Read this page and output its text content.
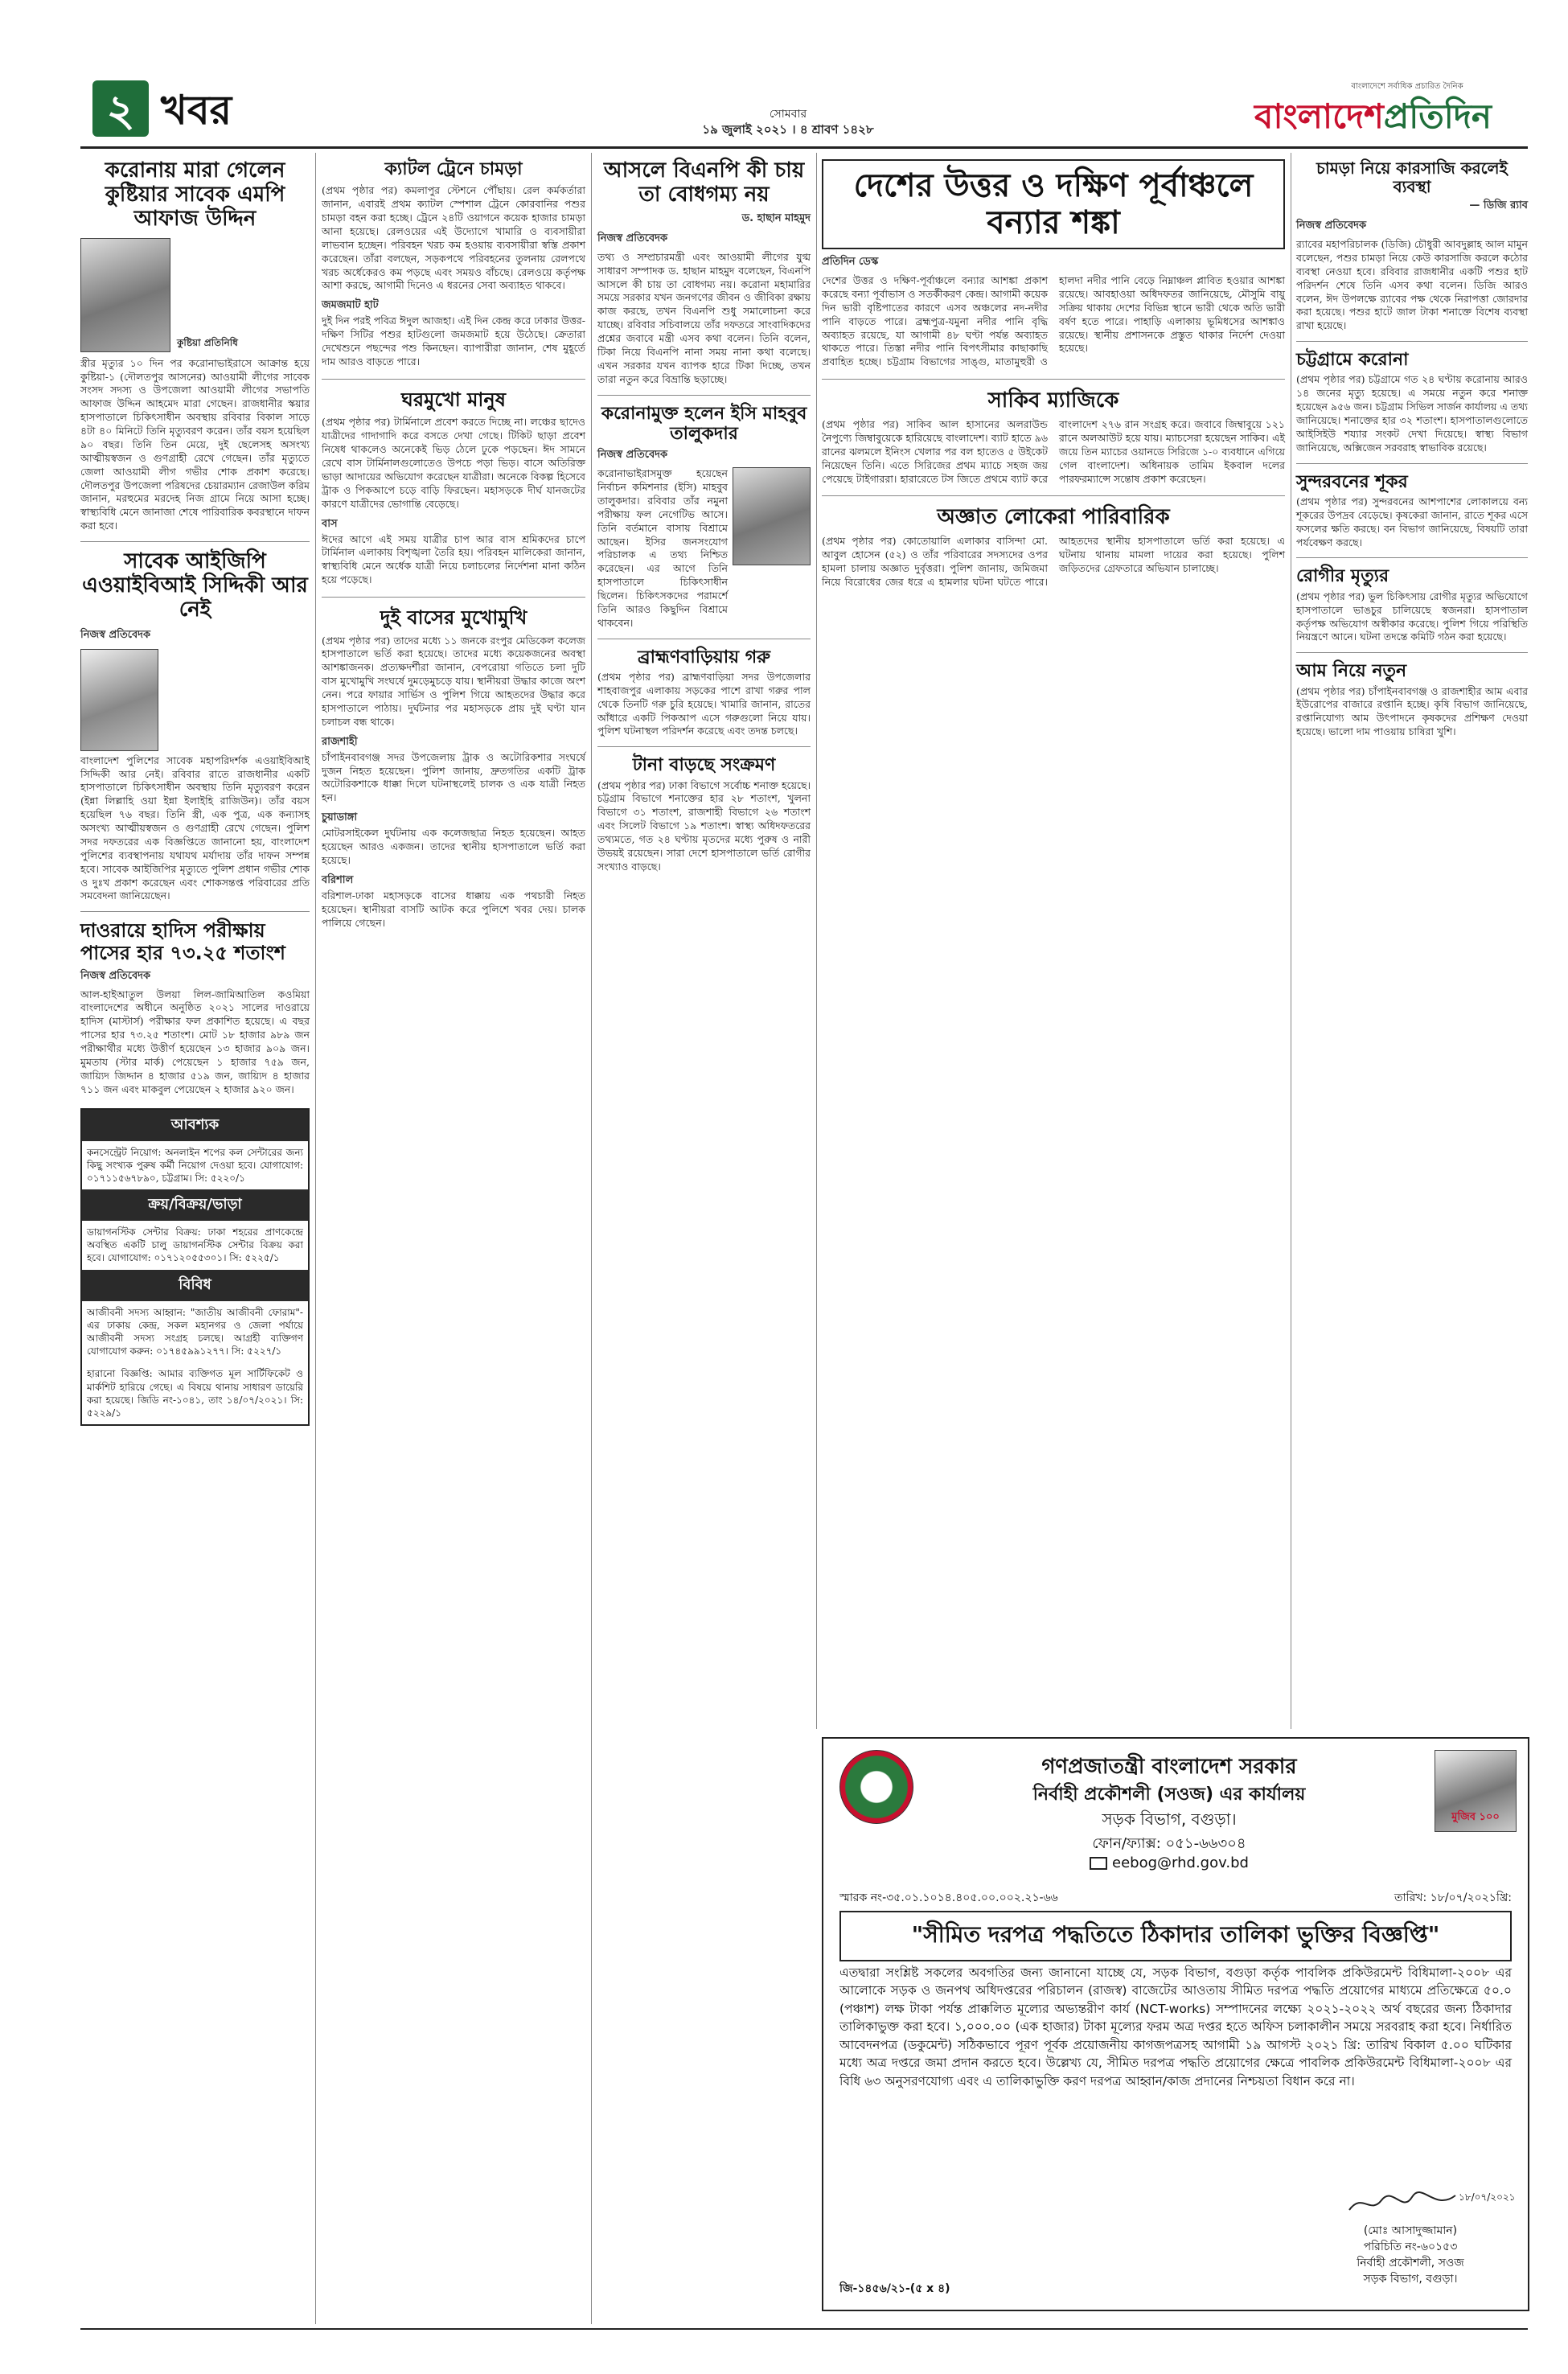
২ খবর	সোমবার
১৯ জুলাই ২০২১ । ৪ শ্রাবণ ১৪২৮
বাংলাদেশে সর্বাধিক প্রচারিত দৈনিক
বাংলাদেশপ্রতিদিন
করোনায় মারা গেলেন কুষ্টিয়ার সাবেক এমপি আফাজ উদ্দিন
কুষ্টিয়া প্রতিনিধি
স্ত্রীর মৃত্যুর ১০ দিন পর করোনাভাইরাসে আক্রান্ত হয়ে কুষ্টিয়া-১ (দৌলতপুর আসনের) আওয়ামী লীগের সাবেক সংসদ সদস্য ও উপজেলা আওয়ামী লীগের সভাপতি আফাজ উদ্দিন আহমেদ মারা গেছেন। রাজধানীর স্কয়ার হাসপাতালে চিকিৎসাধীন অবস্থায় রবিবার বিকাল সাড়ে ৪টা ৪০ মিনিটে তিনি মৃত্যুবরণ করেন। তাঁর বয়স হয়েছিল ৯০ বছর। তিনি তিন মেয়ে, দুই ছেলেসহ অসংখ্য আত্মীয়স্বজন ও গুণগ্রাহী রেখে গেছেন। তাঁর মৃত্যুতে জেলা আওয়ামী লীগ গভীর শোক প্রকাশ করেছে। দৌলতপুর উপজেলা পরিষদের চেয়ারম্যান রেজাউল করিম জানান, মরহুমের মরদেহ নিজ গ্রামে নিয়ে আসা হচ্ছে। স্বাস্থ্যবিধি মেনে জানাজা শেষে পারিবারিক কবরস্থানে দাফন করা হবে।
সাবেক আইজিপি এওয়াইবিআই সিদ্দিকী আর নেই
নিজস্ব প্রতিবেদক

বাংলাদেশ পুলিশের সাবেক মহাপরিদর্শক এওয়াইবিআই সিদ্দিকী আর নেই। রবিবার রাতে রাজধানীর একটি হাসপাতালে চিকিৎসাধীন অবস্থায় তিনি মৃত্যুবরণ করেন (ইন্না লিল্লাহি ওয়া ইন্না ইলাইহি রাজিউন)। তাঁর বয়স হয়েছিল ৭৬ বছর। তিনি স্ত্রী, এক পুত্র, এক কন্যাসহ অসংখ্য আত্মীয়স্বজন ও গুণগ্রাহী রেখে গেছেন। পুলিশ সদর দফতরের এক বিজ্ঞপ্তিতে জানানো হয়, বাংলাদেশ পুলিশের ব্যবস্থাপনায় যথাযথ মর্যাদায় তাঁর দাফন সম্পন্ন হবে। সাবেক আইজিপির মৃত্যুতে পুলিশ প্রধান গভীর শোক ও দুঃখ প্রকাশ করেছেন এবং শোকসন্তপ্ত পরিবারের প্রতি সমবেদনা জানিয়েছেন।
দাওরায়ে হাদিস পরীক্ষায় পাসের হার ৭৩.২৫ শতাংশ
নিজস্ব প্রতিবেদক
আল-হাইআতুল উলয়া লিল-জামিআতিল কওমিয়া বাংলাদেশের অধীনে অনুষ্ঠিত ২০২১ সালের দাওরায়ে হাদিস (মাস্টার্স) পরীক্ষার ফল প্রকাশিত হয়েছে। এ বছর পাসের হার ৭৩.২৫ শতাংশ। মোট ১৮ হাজার ৯৮৯ জন পরীক্ষার্থীর মধ্যে উত্তীর্ণ হয়েছেন ১৩ হাজার ৯০৯ জন। মুমতায (স্টার মার্ক) পেয়েছেন ১ হাজার ৭৫৯ জন, জায়্যিদ জিদ্দান ৪ হাজার ৫১৯ জন, জায়্যিদ ৪ হাজার ৭১১ জন এবং মাকবুল পেয়েছেন ২ হাজার ৯২০ জন।
আবশ্যক
কনসেন্ট্রেট নিয়োগ: অনলাইন শপের কল সেন্টারের জন্য কিছু সংখ্যক পুরুষ কর্মী নিয়োগ দেওয়া হবে। যোগাযোগ: ০১৭১১৫৬৭৮৯০, চট্টগ্রাম। সি: ৫২২০/১
ক্রয়/বিক্রয়/ভাড়া
ডায়াগনস্টিক সেন্টার বিক্রয়: ঢাকা শহরের প্রাণকেন্দ্রে অবস্থিত একটি চালু ডায়াগনস্টিক সেন্টার বিক্রয় করা হবে। যোগাযোগ: ০১৭১২০৫৫৩০১। সি: ৫২২৫/১
বিবিধ
আজীবনী সদস্য আহ্বান: "জাতীয় আজীবনী ফোরাম"-এর ঢাকায় কেন্দ্র, সকল মহানগর ও জেলা পর্যায়ে আজীবনী সদস্য সংগ্রহ চলছে। আগ্রহী ব্যক্তিগণ যোগাযোগ করুন: ০১৭৪৫৯৯১২৭৭। সি: ৫২২৭/১
হারানো বিজ্ঞপ্তি: আমার ব্যক্তিগত মূল সার্টিফিকেট ও মার্কশিট হারিয়ে গেছে। এ বিষয়ে থানায় সাধারণ ডায়েরি করা হয়েছে। জিডি নং-১০৪১, তাং ১৪/০৭/২০২১। সি: ৫২২৯/১
ক্যাটল ট্রেনে চামড়া
(প্রথম পৃষ্ঠার পর) কমলাপুর স্টেশনে পৌঁছায়। রেল কর্মকর্তারা জানান, এবারই প্রথম ক্যাটল স্পেশাল ট্রেনে কোরবানির পশুর চামড়া বহন করা হচ্ছে। ট্রেনে ২৪টি ওয়াগনে কয়েক হাজার চামড়া আনা হয়েছে। রেলওয়ের এই উদ্যোগে খামারি ও ব্যবসায়ীরা লাভবান হচ্ছেন। পরিবহন খরচ কম হওয়ায় ব্যবসায়ীরা স্বস্তি প্রকাশ করেছেন। তাঁরা বলছেন, সড়কপথে পরিবহনের তুলনায় রেলপথে খরচ অর্ধেকেরও কম পড়ছে এবং সময়ও বাঁচছে। রেলওয়ে কর্তৃপক্ষ আশা করছে, আগামী দিনেও এ ধরনের সেবা অব্যাহত থাকবে।
জমজমাট হাট
দুই দিন পরই পবিত্র ঈদুল আজহা। এই দিন কেন্দ্র করে ঢাকার উত্তর-দক্ষিণ সিটির পশুর হাটগুলো জমজমাট হয়ে উঠেছে। ক্রেতারা দেখেশুনে পছন্দের পশু কিনছেন। ব্যাপারীরা জানান, শেষ মুহূর্তে দাম আরও বাড়তে পারে।
ঘরমুখো মানুষ
(প্রথম পৃষ্ঠার পর) টার্মিনালে প্রবেশ করতে দিচ্ছে না। লঞ্চের ছাদেও যাত্রীদের গাদাগাদি করে বসতে দেখা গেছে। টিকিট ছাড়া প্রবেশ নিষেধ থাকলেও অনেকেই ভিড় ঠেলে ঢুকে পড়ছেন। ঈদ সামনে রেখে বাস টার্মিনালগুলোতেও উপচে পড়া ভিড়। বাসে অতিরিক্ত ভাড়া আদায়ের অভিযোগ করেছেন যাত্রীরা। অনেকে বিকল্প হিসেবে ট্রাক ও পিকআপে চড়ে বাড়ি ফিরছেন। মহাসড়কে দীর্ঘ যানজটের কারণে যাত্রীদের ভোগান্তি বেড়েছে।
বাস
ঈদের আগে এই সময় যাত্রীর চাপ আর বাস শ্রমিকদের চাপে টার্মিনাল এলাকায় বিশৃঙ্খলা তৈরি হয়। পরিবহন মালিকেরা জানান, স্বাস্থ্যবিধি মেনে অর্ধেক যাত্রী নিয়ে চলাচলের নির্দেশনা মানা কঠিন হয়ে পড়েছে।
দুই বাসের মুখোমুখি
(প্রথম পৃষ্ঠার পর) তাদের মধ্যে ১১ জনকে রংপুর মেডিকেল কলেজ হাসপাতালে ভর্তি করা হয়েছে। তাদের মধ্যে কয়েকজনের অবস্থা আশঙ্কাজনক। প্রত্যক্ষদর্শীরা জানান, বেপরোয়া গতিতে চলা দুটি বাস মুখোমুখি সংঘর্ষে দুমড়েমুচড়ে যায়। স্থানীয়রা উদ্ধার কাজে অংশ নেন। পরে ফায়ার সার্ভিস ও পুলিশ গিয়ে আহতদের উদ্ধার করে হাসপাতালে পাঠায়। দুর্ঘটনার পর মহাসড়কে প্রায় দুই ঘণ্টা যান চলাচল বন্ধ থাকে।
রাজশাহী
চাঁপাইনবাবগঞ্জ সদর উপজেলায় ট্রাক ও অটোরিকশার সংঘর্ষে দুজন নিহত হয়েছেন। পুলিশ জানায়, দ্রুতগতির একটি ট্রাক অটোরিকশাকে ধাক্কা দিলে ঘটনাস্থলেই চালক ও এক যাত্রী নিহত হন।
চুয়াডাঙ্গা
মোটরসাইকেল দুর্ঘটনায় এক কলেজছাত্র নিহত হয়েছেন। আহত হয়েছেন আরও একজন। তাদের স্থানীয় হাসপাতালে ভর্তি করা হয়েছে।
বরিশাল
বরিশাল-ঢাকা মহাসড়কে বাসের ধাক্কায় এক পথচারী নিহত হয়েছেন। স্থানীয়রা বাসটি আটক করে পুলিশে খবর দেয়। চালক পালিয়ে গেছেন।
আসলে বিএনপি কী চায় তা বোধগম্য নয়
ড. হাছান মাহমুদ
নিজস্ব প্রতিবেদক
তথ্য ও সম্প্রচারমন্ত্রী এবং আওয়ামী লীগের যুগ্ম সাধারণ সম্পাদক ড. হাছান মাহমুদ বলেছেন, বিএনপি আসলে কী চায় তা বোধগম্য নয়। করোনা মহামারির সময়ে সরকার যখন জনগণের জীবন ও জীবিকা রক্ষায় কাজ করছে, তখন বিএনপি শুধু সমালোচনা করে যাচ্ছে। রবিবার সচিবালয়ে তাঁর দফতরে সাংবাদিকদের প্রশ্নের জবাবে মন্ত্রী এসব কথা বলেন। তিনি বলেন, টিকা নিয়ে বিএনপি নানা সময় নানা কথা বলেছে। এখন সরকার যখন ব্যাপক হারে টিকা দিচ্ছে, তখন তারা নতুন করে বিভ্রান্তি ছড়াচ্ছে।
করোনামুক্ত হলেন ইসি মাহবুব তালুকদার
নিজস্ব প্রতিবেদক
করোনাভাইরাসমুক্ত হয়েছেন নির্বাচন কমিশনার (ইসি) মাহবুব তালুকদার। রবিবার তাঁর নমুনা পরীক্ষায় ফল নেগেটিভ আসে। তিনি বর্তমানে বাসায় বিশ্রামে আছেন। ইসির জনসংযোগ পরিচালক এ তথ্য নিশ্চিত করেছেন। এর আগে তিনি হাসপাতালে চিকিৎসাধীন ছিলেন। চিকিৎসকদের পরামর্শে তিনি আরও কিছুদিন বিশ্রামে থাকবেন।
ব্রাহ্মণবাড়িয়ায় গরু
(প্রথম পৃষ্ঠার পর) ব্রাহ্মণবাড়িয়া সদর উপজেলার শাহবাজপুর এলাকায় সড়কের পাশে রাখা গরুর পাল থেকে তিনটি গরু চুরি হয়েছে। খামারি জানান, রাতের আঁধারে একটি পিকআপ এসে গরুগুলো নিয়ে যায়। পুলিশ ঘটনাস্থল পরিদর্শন করেছে এবং তদন্ত চলছে।
টানা বাড়ছে সংক্রমণ
(প্রথম পৃষ্ঠার পর) ঢাকা বিভাগে সর্বোচ্চ শনাক্ত হয়েছে। চট্টগ্রাম বিভাগে শনাক্তের হার ২৮ শতাংশ, খুলনা বিভাগে ৩১ শতাংশ, রাজশাহী বিভাগে ২৬ শতাংশ এবং সিলেট বিভাগে ১৯ শতাংশ। স্বাস্থ্য অধিদফতরের তথ্যমতে, গত ২৪ ঘণ্টায় মৃতদের মধ্যে পুরুষ ও নারী উভয়ই রয়েছেন। সারা দেশে হাসপাতালে ভর্তি রোগীর সংখ্যাও বাড়ছে।
দেশের উত্তর ও দক্ষিণ পূর্বাঞ্চলে বন্যার শঙ্কা
প্রতিদিন ডেস্ক
দেশের উত্তর ও দক্ষিণ-পূর্বাঞ্চলে বন্যার আশঙ্কা প্রকাশ করেছে বন্যা পূর্বাভাস ও সতর্কীকরণ কেন্দ্র। আগামী কয়েক দিন ভারী বৃষ্টিপাতের কারণে এসব অঞ্চলের নদ-নদীর পানি বাড়তে পারে। ব্রহ্মপুত্র-যমুনা নদীর পানি বৃদ্ধি অব্যাহত রয়েছে, যা আগামী ৪৮ ঘণ্টা পর্যন্ত অব্যাহত থাকতে পারে। তিস্তা নদীর পানি বিপৎসীমার কাছাকাছি প্রবাহিত হচ্ছে। চট্টগ্রাম বিভাগের সাঙ্গু, মাতামুহুরী ও হালদা নদীর পানি বেড়ে নিম্নাঞ্চল প্লাবিত হওয়ার আশঙ্কা রয়েছে। আবহাওয়া অধিদফতর জানিয়েছে, মৌসুমি বায়ু সক্রিয় থাকায় দেশের বিভিন্ন স্থানে ভারী থেকে অতি ভারী বর্ষণ হতে পারে। পাহাড়ি এলাকায় ভূমিধসের আশঙ্কাও রয়েছে। স্থানীয় প্রশাসনকে প্রস্তুত থাকার নির্দেশ দেওয়া হয়েছে।
সাকিব ম্যাজিকে
(প্রথম পৃষ্ঠার পর) সাকিব আল হাসানের অলরাউন্ড নৈপুণ্যে জিম্বাবুয়েকে হারিয়েছে বাংলাদেশ। ব্যাট হাতে ৯৬ রানের ঝলমলে ইনিংস খেলার পর বল হাতেও ৫ উইকেট নিয়েছেন তিনি। এতে সিরিজের প্রথম ম্যাচে সহজ জয় পেয়েছে টাইগাররা। হারারেতে টস জিতে প্রথমে ব্যাট করে বাংলাদেশ ২৭৬ রান সংগ্রহ করে। জবাবে জিম্বাবুয়ে ১২১ রানে অলআউট হয়ে যায়। ম্যাচসেরা হয়েছেন সাকিব। এই জয়ে তিন ম্যাচের ওয়ানডে সিরিজে ১-০ ব্যবধানে এগিয়ে গেল বাংলাদেশ। অধিনায়ক তামিম ইকবাল দলের পারফরম্যান্সে সন্তোষ প্রকাশ করেছেন।
অজ্ঞাত লোকেরা পারিবারিক
(প্রথম পৃষ্ঠার পর) কোতোয়ালি এলাকার বাসিন্দা মো. আবুল হোসেন (৫২) ও তাঁর পরিবারের সদস্যদের ওপর হামলা চালায় অজ্ঞাত দুর্বৃত্তরা। পুলিশ জানায়, জমিজমা নিয়ে বিরোধের জের ধরে এ হামলার ঘটনা ঘটতে পারে। আহতদের স্থানীয় হাসপাতালে ভর্তি করা হয়েছে। এ ঘটনায় থানায় মামলা দায়ের করা হয়েছে। পুলিশ জড়িতদের গ্রেফতারে অভিযান চালাচ্ছে।
চামড়া নিয়ে কারসাজি করলেই ব্যবস্থা
— ডিজি র‍্যাব
নিজস্ব প্রতিবেদক
র‍্যাবের মহাপরিচালক (ডিজি) চৌধুরী আবদুল্লাহ আল মামুন বলেছেন, পশুর চামড়া নিয়ে কেউ কারসাজি করলে কঠোর ব্যবস্থা নেওয়া হবে। রবিবার রাজধানীর একটি পশুর হাট পরিদর্শন শেষে তিনি এসব কথা বলেন। ডিজি আরও বলেন, ঈদ উপলক্ষে র‍্যাবের পক্ষ থেকে নিরাপত্তা জোরদার করা হয়েছে। পশুর হাটে জাল টাকা শনাক্তে বিশেষ ব্যবস্থা রাখা হয়েছে।
চট্টগ্রামে করোনা
(প্রথম পৃষ্ঠার পর) চট্টগ্রামে গত ২৪ ঘণ্টায় করোনায় আরও ১৪ জনের মৃত্যু হয়েছে। এ সময়ে নতুন করে শনাক্ত হয়েছেন ৯৫৬ জন। চট্টগ্রাম সিভিল সার্জন কার্যালয় এ তথ্য জানিয়েছে। শনাক্তের হার ৩২ শতাংশ। হাসপাতালগুলোতে আইসিইউ শয্যার সংকট দেখা দিয়েছে। স্বাস্থ্য বিভাগ জানিয়েছে, অক্সিজেন সরবরাহ স্বাভাবিক রয়েছে।
সুন্দরবনের শূকর
(প্রথম পৃষ্ঠার পর) সুন্দরবনের আশপাশের লোকালয়ে বন্য শূকরের উপদ্রব বেড়েছে। কৃষকেরা জানান, রাতে শূকর এসে ফসলের ক্ষতি করছে। বন বিভাগ জানিয়েছে, বিষয়টি তারা পর্যবেক্ষণ করছে।
রোগীর মৃত্যুর
(প্রথম পৃষ্ঠার পর) ভুল চিকিৎসায় রোগীর মৃত্যুর অভিযোগে হাসপাতালে ভাঙচুর চালিয়েছে স্বজনরা। হাসপাতাল কর্তৃপক্ষ অভিযোগ অস্বীকার করেছে। পুলিশ গিয়ে পরিস্থিতি নিয়ন্ত্রণে আনে। ঘটনা তদন্তে কমিটি গঠন করা হয়েছে।
আম নিয়ে নতুন
(প্রথম পৃষ্ঠার পর) চাঁপাইনবাবগঞ্জ ও রাজশাহীর আম এবার ইউরোপের বাজারে রপ্তানি হচ্ছে। কৃষি বিভাগ জানিয়েছে, রপ্তানিযোগ্য আম উৎপাদনে কৃষকদের প্রশিক্ষণ দেওয়া হয়েছে। ভালো দাম পাওয়ায় চাষিরা খুশি।
গণপ্রজাতন্ত্রী বাংলাদেশ সরকার
নির্বাহী প্রকৌশলী (সওজ) এর কার্যালয়
সড়ক বিভাগ, বগুড়া।
ফোন/ফ্যাক্স: ০৫১-৬৬৩০৪
eebog@rhd.gov.bd
মুজিব ১০০
স্মারক নং-৩৫.০১.১০১৪.৪০৫.০০.০০২.২১-৬৬	তারিখ: ১৮/০৭/২০২১খ্রি:
"সীমিত দরপত্র পদ্ধতিতে ঠিকাদার তালিকা ভুক্তির বিজ্ঞপ্তি"
এতদ্বারা সংশ্লিষ্ট সকলের অবগতির জন্য জানানো যাচ্ছে যে, সড়ক বিভাগ, বগুড়া কর্তৃক পাবলিক প্রকিউরমেন্ট বিধিমালা-২০০৮ এর আলোকে সড়ক ও জনপথ অধিদপ্তরের পরিচালন (রাজস্ব) বাজেটের আওতায় সীমিত দরপত্র পদ্ধতি প্রয়োগের মাধ্যমে প্রতিক্ষেত্রে ৫০.০ (পঞ্চাশ) লক্ষ টাকা পর্যন্ত প্রাক্কলিত মূল্যের অভ্যন্তরীণ কার্য (NCT-works) সম্পাদনের লক্ষ্যে ২০২১-২০২২ অর্থ বছরের জন্য ঠিকাদার তালিকাভুক্ত করা হবে। ১,০০০.০০ (এক হাজার) টাকা মূল্যের ফরম অত্র দপ্তর হতে অফিস চলাকালীন সময়ে সরবরাহ করা হবে। নির্ধারিত আবেদনপত্র (ডকুমেন্ট) সঠিকভাবে পূরণ পূর্বক প্রয়োজনীয় কাগজপত্রসহ আগামী ১৯ আগস্ট ২০২১ খ্রি: তারিখ বিকাল ৫.০০ ঘটিকার মধ্যে অত্র দপ্তরে জমা প্রদান করতে হবে। উল্লেখ্য যে, সীমিত দরপত্র পদ্ধতি প্রয়োগের ক্ষেত্রে পাবলিক প্রকিউরমেন্ট বিধিমালা-২০০৮ এর বিধি ৬৩ অনুসরণযোগ্য এবং এ তালিকাভুক্তি করণ দরপত্র আহ্বান/কাজ প্রদানের নিশ্চয়তা বিধান করে না।
১৮/০৭/২০২১
(মোঃ আসাদুজ্জামান)
পরিচিতি নং-৬০১৫৩
নির্বাহী প্রকৌশলী, সওজ
সড়ক বিভাগ, বগুড়া।
জি-১৪৫৬/২১-(৫ x ৪)
